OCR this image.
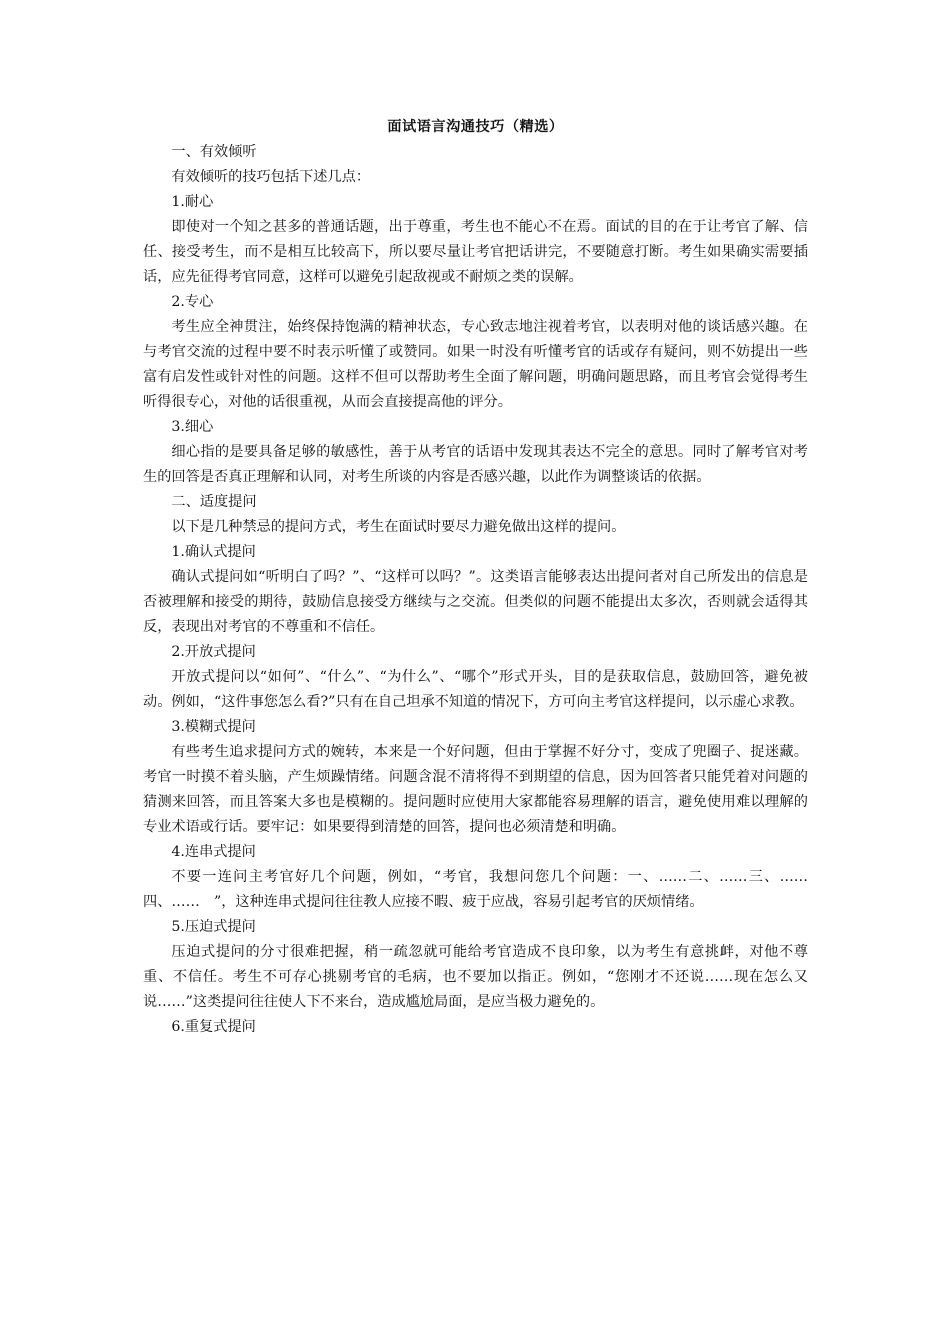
面试语言沟通技巧（精选）

一、有效倾听

有效倾听的技巧包括下述几点：

1.耐心

即使对一个知之甚多的普通话题，出于尊重，考生也不能心不在焉。面试的目的在于让考官了解、信任、接受考生，而不是相互比较高下，所以要尽量让考官把话讲完，不要随意打断。考生如果确实需要插话，应先征得考官同意，这样可以避免引起敌视或不耐烦之类的误解。

2.专心

考生应全神贯注，始终保持饱满的精神状态，专心致志地注视着考官，以表明对他的谈话感兴趣。在与考官交流的过程中要不时表示听懂了或赞同。如果一时没有听懂考官的话或存有疑问，则不妨提出一些富有启发性或针对性的问题。这样不但可以帮助考生全面了解问题，明确问题思路，而且考官会觉得考生听得很专心，对他的话很重视，从而会直接提高他的评分。

3.细心

细心指的是要具备足够的敏感性，善于从考官的话语中发现其表达不完全的意思。同时了解考官对考生的回答是否真正理解和认同，对考生所谈的内容是否感兴趣，以此作为调整谈话的依据。

二、适度提问

以下是几种禁忌的提问方式，考生在面试时要尽力避免做出这样的提问。

1.确认式提问

确认式提问如“听明白了吗？”、“这样可以吗？”。这类语言能够表达出提问者对自己所发出的信息是否被理解和接受的期待，鼓励信息接受方继续与之交流。但类似的问题不能提出太多次，否则就会适得其反，表现出对考官的不尊重和不信任。

2.开放式提问

开放式提问以“如何”、“什么”、“为什么”、“哪个”形式开头，目的是获取信息，鼓励回答，避免被动。例如，“这件事您怎么看?”只有在自己坦承不知道的情况下，方可向主考官这样提问，以示虚心求教。

3.模糊式提问

有些考生追求提问方式的婉转，本来是一个好问题，但由于掌握不好分寸，变成了兜圈子、捉迷藏。考官一时摸不着头脑，产生烦躁情绪。问题含混不清将得不到期望的信息，因为回答者只能凭着对问题的猜测来回答，而且答案大多也是模糊的。提问题时应使用大家都能容易理解的语言，避免使用难以理解的专业术语或行话。要牢记：如果要得到清楚的回答，提问也必须清楚和明确。

4.连串式提问

不要一连问主考官好几个问题，例如，“考官，我想问您几个问题：一、……二、……三、……　四、……　”，这种连串式提问往往教人应接不暇、疲于应战，容易引起考官的厌烦情绪。

5.压迫式提问

压迫式提问的分寸很难把握，稍一疏忽就可能给考官造成不良印象，以为考生有意挑衅，对他不尊重、不信任。考生不可存心挑剔考官的毛病，也不要加以指正。例如，“您刚才不还说……现在怎么又说……”这类提问往往使人下不来台，造成尴尬局面，是应当极力避免的。

6.重复式提问
